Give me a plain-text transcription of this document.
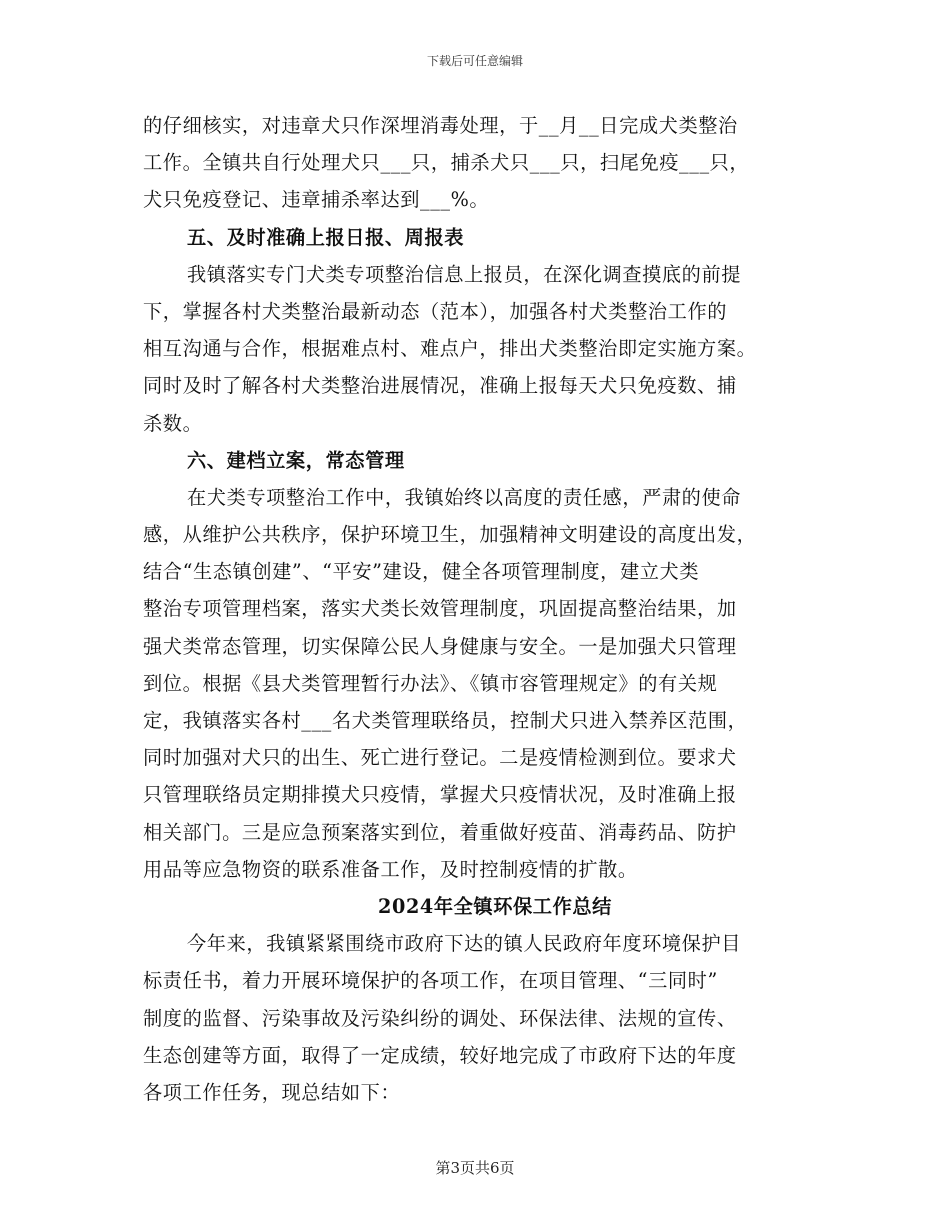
下载后可任意编辑
的仔细核实，对违章犬只作深埋消毒处理，于__月__日完成犬类整治
工作。全镇共自行处理犬只___只，捕杀犬只___只，扫尾免疫___只，
犬只免疫登记、违章捕杀率达到___%。
五、及时准确上报日报、周报表
我镇落实专门犬类专项整治信息上报员，在深化调查摸底的前提
下，掌握各村犬类整治最新动态（范本），加强各村犬类整治工作的
相互沟通与合作，根据难点村、难点户，排出犬类整治即定实施方案。
同时及时了解各村犬类整治进展情况，准确上报每天犬只免疫数、捕
杀数。
六、建档立案，常态管理
在犬类专项整治工作中，我镇始终以高度的责任感，严肃的使命
感，从维护公共秩序，保护环境卫生，加强精神文明建设的高度出发，
结合“生态镇创建”、“平安”建设，健全各项管理制度，建立犬类
整治专项管理档案，落实犬类长效管理制度，巩固提高整治结果，加
强犬类常态管理，切实保障公民人身健康与安全。一是加强犬只管理
到位。根据《县犬类管理暂行办法》、《镇市容管理规定》的有关规
定，我镇落实各村___名犬类管理联络员，控制犬只进入禁养区范围，
同时加强对犬只的出生、死亡进行登记。二是疫情检测到位。要求犬
只管理联络员定期排摸犬只疫情，掌握犬只疫情状况，及时准确上报
相关部门。三是应急预案落实到位，着重做好疫苗、消毒药品、防护
用品等应急物资的联系准备工作，及时控制疫情的扩散。
2024年全镇环保工作总结
今年来，我镇紧紧围绕市政府下达的镇人民政府年度环境保护目
标责任书，着力开展环境保护的各项工作，在项目管理、“三同时”
制度的监督、污染事故及污染纠纷的调处、环保法律、法规的宣传、
生态创建等方面，取得了一定成绩，较好地完成了市政府下达的年度
各项工作任务，现总结如下：
第3页共6页
